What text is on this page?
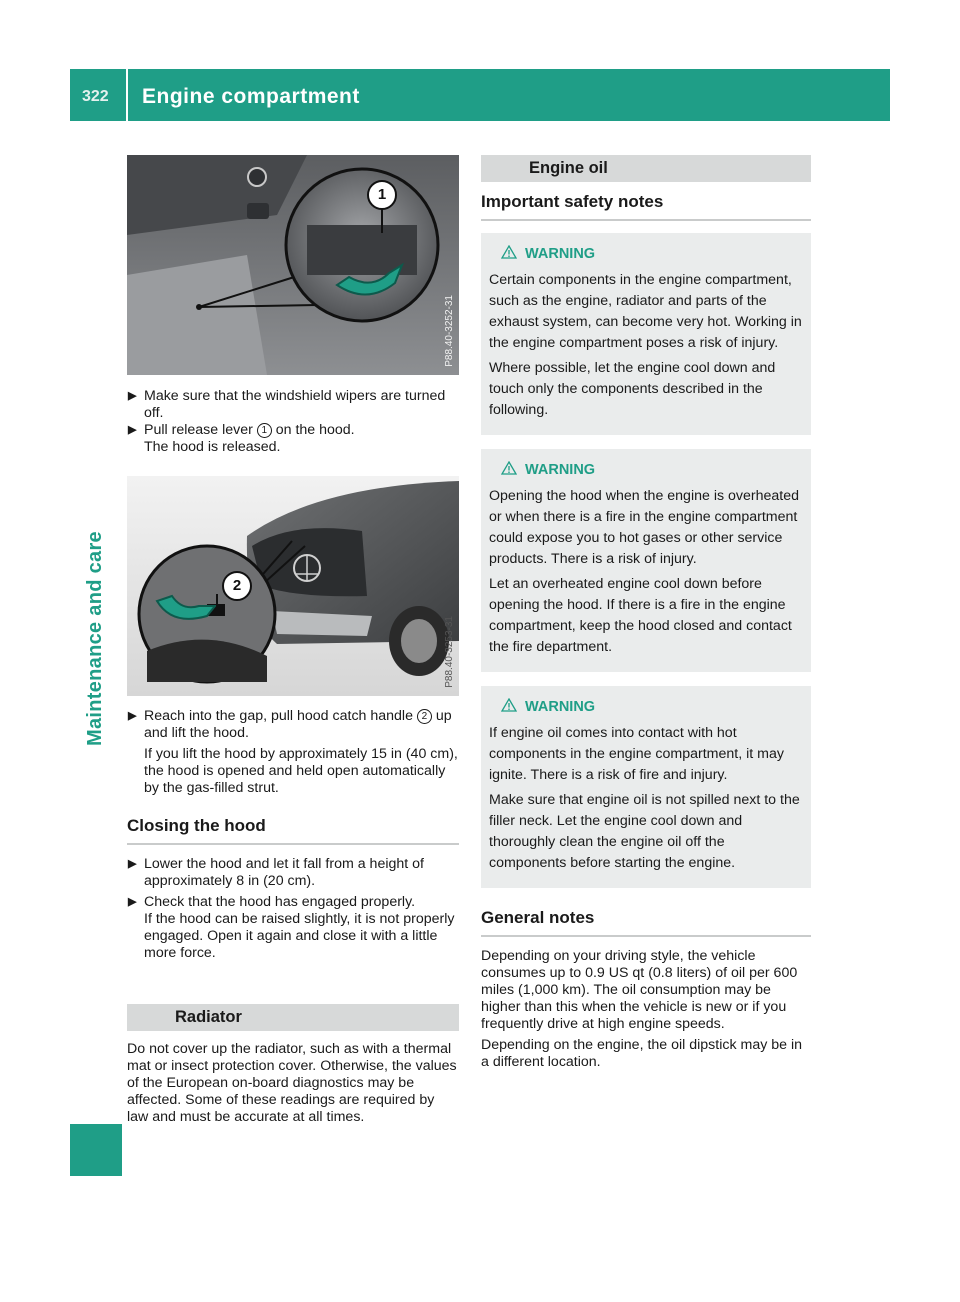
322 Engine compartment
Maintenance and care
1
P88.40-3252-31

▶ Make sure that the windshield wipers are turned off.

▶ Pull release lever 1 on the hood.
The hood is released.

2
P88.40-3253-31

▶ Reach into the gap, pull hood catch handle 2 up and lift the hood.

If you lift the hood by approximately 15 in (40 cm), the hood is opened and held open automatically by the gas-filled strut.

Closing the hood

▶ Lower the hood and let it fall from a height of approximately 8 in (20 cm).

▶ Check that the hood has engaged properly.
If the hood can be raised slightly, it is not properly engaged. Open it again and close it with a little more force.

Radiator

Do not cover up the radiator, such as with a thermal mat or insect protection cover. Otherwise, the values of the European on-board diagnostics may be affected. Some of these readings are required by law and must be accurate at all times.

Engine oil
Important safety notes
WARNING

Certain components in the engine compartment, such as the engine, radiator and parts of the exhaust system, can become very hot. Working in the engine compartment poses a risk of injury.

Where possible, let the engine cool down and touch only the components described in the following.

WARNING

Opening the hood when the engine is overheated or when there is a fire in the engine compartment could expose you to hot gases or other service products. There is a risk of injury.

Let an overheated engine cool down before opening the hood. If there is a fire in the engine compartment, keep the hood closed and contact the fire department.

WARNING

If engine oil comes into contact with hot components in the engine compartment, it may ignite. There is a risk of fire and injury.

Make sure that engine oil is not spilled next to the filler neck. Let the engine cool down and thoroughly clean the engine oil off the components before starting the engine.

General notes

Depending on your driving style, the vehicle consumes up to 0.9 US qt (0.8 liters) of oil per 600 miles (1,000 km). The oil consumption may be higher than this when the vehicle is new or if you frequently drive at high engine speeds.

Depending on the engine, the oil dipstick may be in a different location.
